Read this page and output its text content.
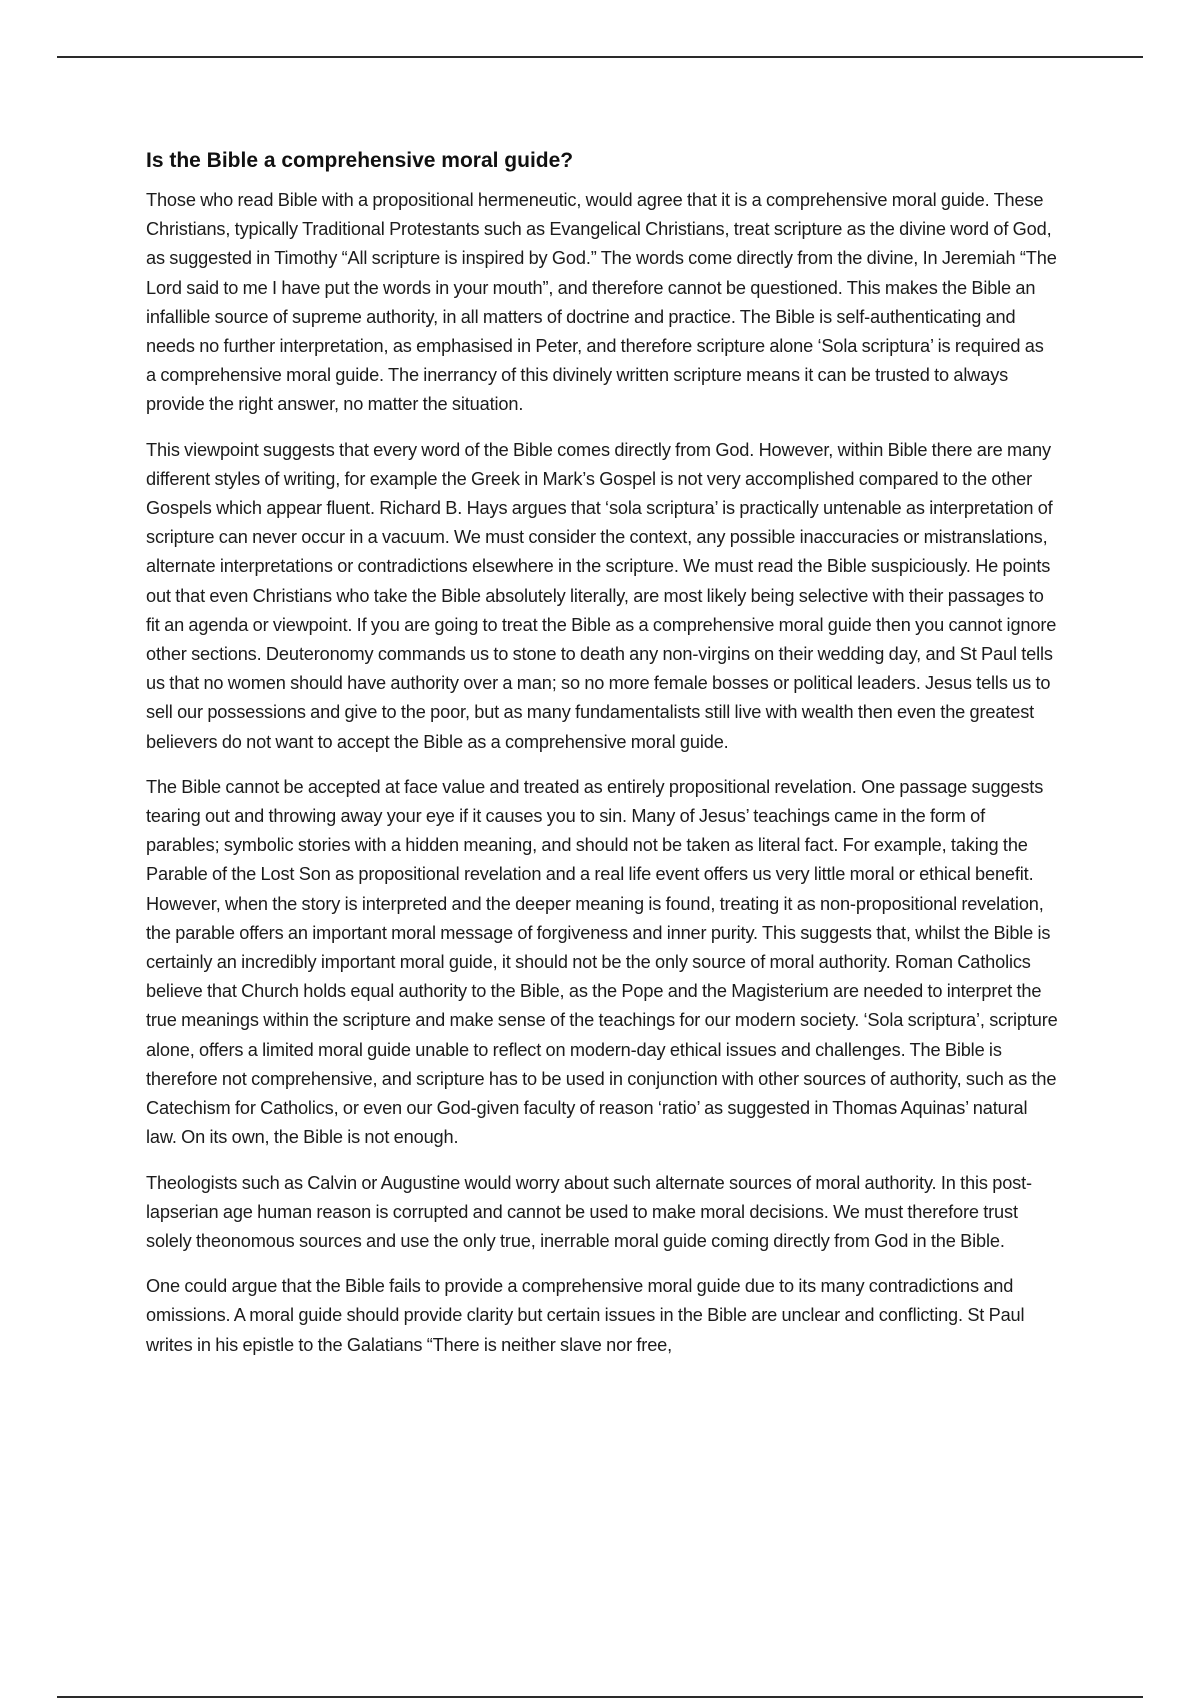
Is the Bible a comprehensive moral guide?

Those who read Bible with a propositional hermeneutic, would agree that it is a comprehensive moral guide. These Christians, typically Traditional Protestants such as Evangelical Christians, treat scripture as the divine word of God, as suggested in Timothy “All scripture is inspired by God.” The words come directly from the divine, In Jeremiah “The Lord said to me I have put the words in your mouth”, and therefore cannot be questioned. This makes the Bible an infallible source of supreme authority, in all matters of doctrine and practice. The Bible is self-authenticating and needs no further interpretation, as emphasised in Peter, and therefore scripture alone ‘Sola scriptura’ is required as a comprehensive moral guide. The inerrancy of this divinely written scripture means it can be trusted to always provide the right answer, no matter the situation.

This viewpoint suggests that every word of the Bible comes directly from God. However, within Bible there are many different styles of writing, for example the Greek in Mark’s Gospel is not very accomplished compared to the other Gospels which appear fluent. Richard B. Hays argues that ‘sola scriptura’ is practically untenable as interpretation of scripture can never occur in a vacuum. We must consider the context, any possible inaccuracies or mistranslations, alternate interpretations or contradictions elsewhere in the scripture. We must read the Bible suspiciously. He points out that even Christians who take the Bible absolutely literally, are most likely being selective with their passages to fit an agenda or viewpoint. If you are going to treat the Bible as a comprehensive moral guide then you cannot ignore other sections. Deuteronomy commands us to stone to death any non-virgins on their wedding day, and St Paul tells us that no women should have authority over a man; so no more female bosses or political leaders. Jesus tells us to sell our possessions and give to the poor, but as many fundamentalists still live with wealth then even the greatest believers do not want to accept the Bible as a comprehensive moral guide.

The Bible cannot be accepted at face value and treated as entirely propositional revelation. One passage suggests tearing out and throwing away your eye if it causes you to sin. Many of Jesus’ teachings came in the form of parables; symbolic stories with a hidden meaning, and should not be taken as literal fact. For example, taking the Parable of the Lost Son as propositional revelation and a real life event offers us very little moral or ethical benefit. However, when the story is interpreted and the deeper meaning is found, treating it as non-propositional revelation, the parable offers an important moral message of forgiveness and inner purity. This suggests that, whilst the Bible is certainly an incredibly important moral guide, it should not be the only source of moral authority. Roman Catholics believe that Church holds equal authority to the Bible, as the Pope and the Magisterium are needed to interpret the true meanings within the scripture and make sense of the teachings for our modern society. ‘Sola scriptura’, scripture alone, offers a limited moral guide unable to reflect on modern-day ethical issues and challenges. The Bible is therefore not comprehensive, and scripture has to be used in conjunction with other sources of authority, such as the Catechism for Catholics, or even our God-given faculty of reason ‘ratio’ as suggested in Thomas Aquinas’ natural law. On its own, the Bible is not enough.

Theologists such as Calvin or Augustine would worry about such alternate sources of moral authority. In this post-lapserian age human reason is corrupted and cannot be used to make moral decisions. We must therefore trust solely theonomous sources and use the only true, inerrable moral guide coming directly from God in the Bible.

One could argue that the Bible fails to provide a comprehensive moral guide due to its many contradictions and omissions. A moral guide should provide clarity but certain issues in the Bible are unclear and conflicting. St Paul writes in his epistle to the Galatians “There is neither slave nor free,
